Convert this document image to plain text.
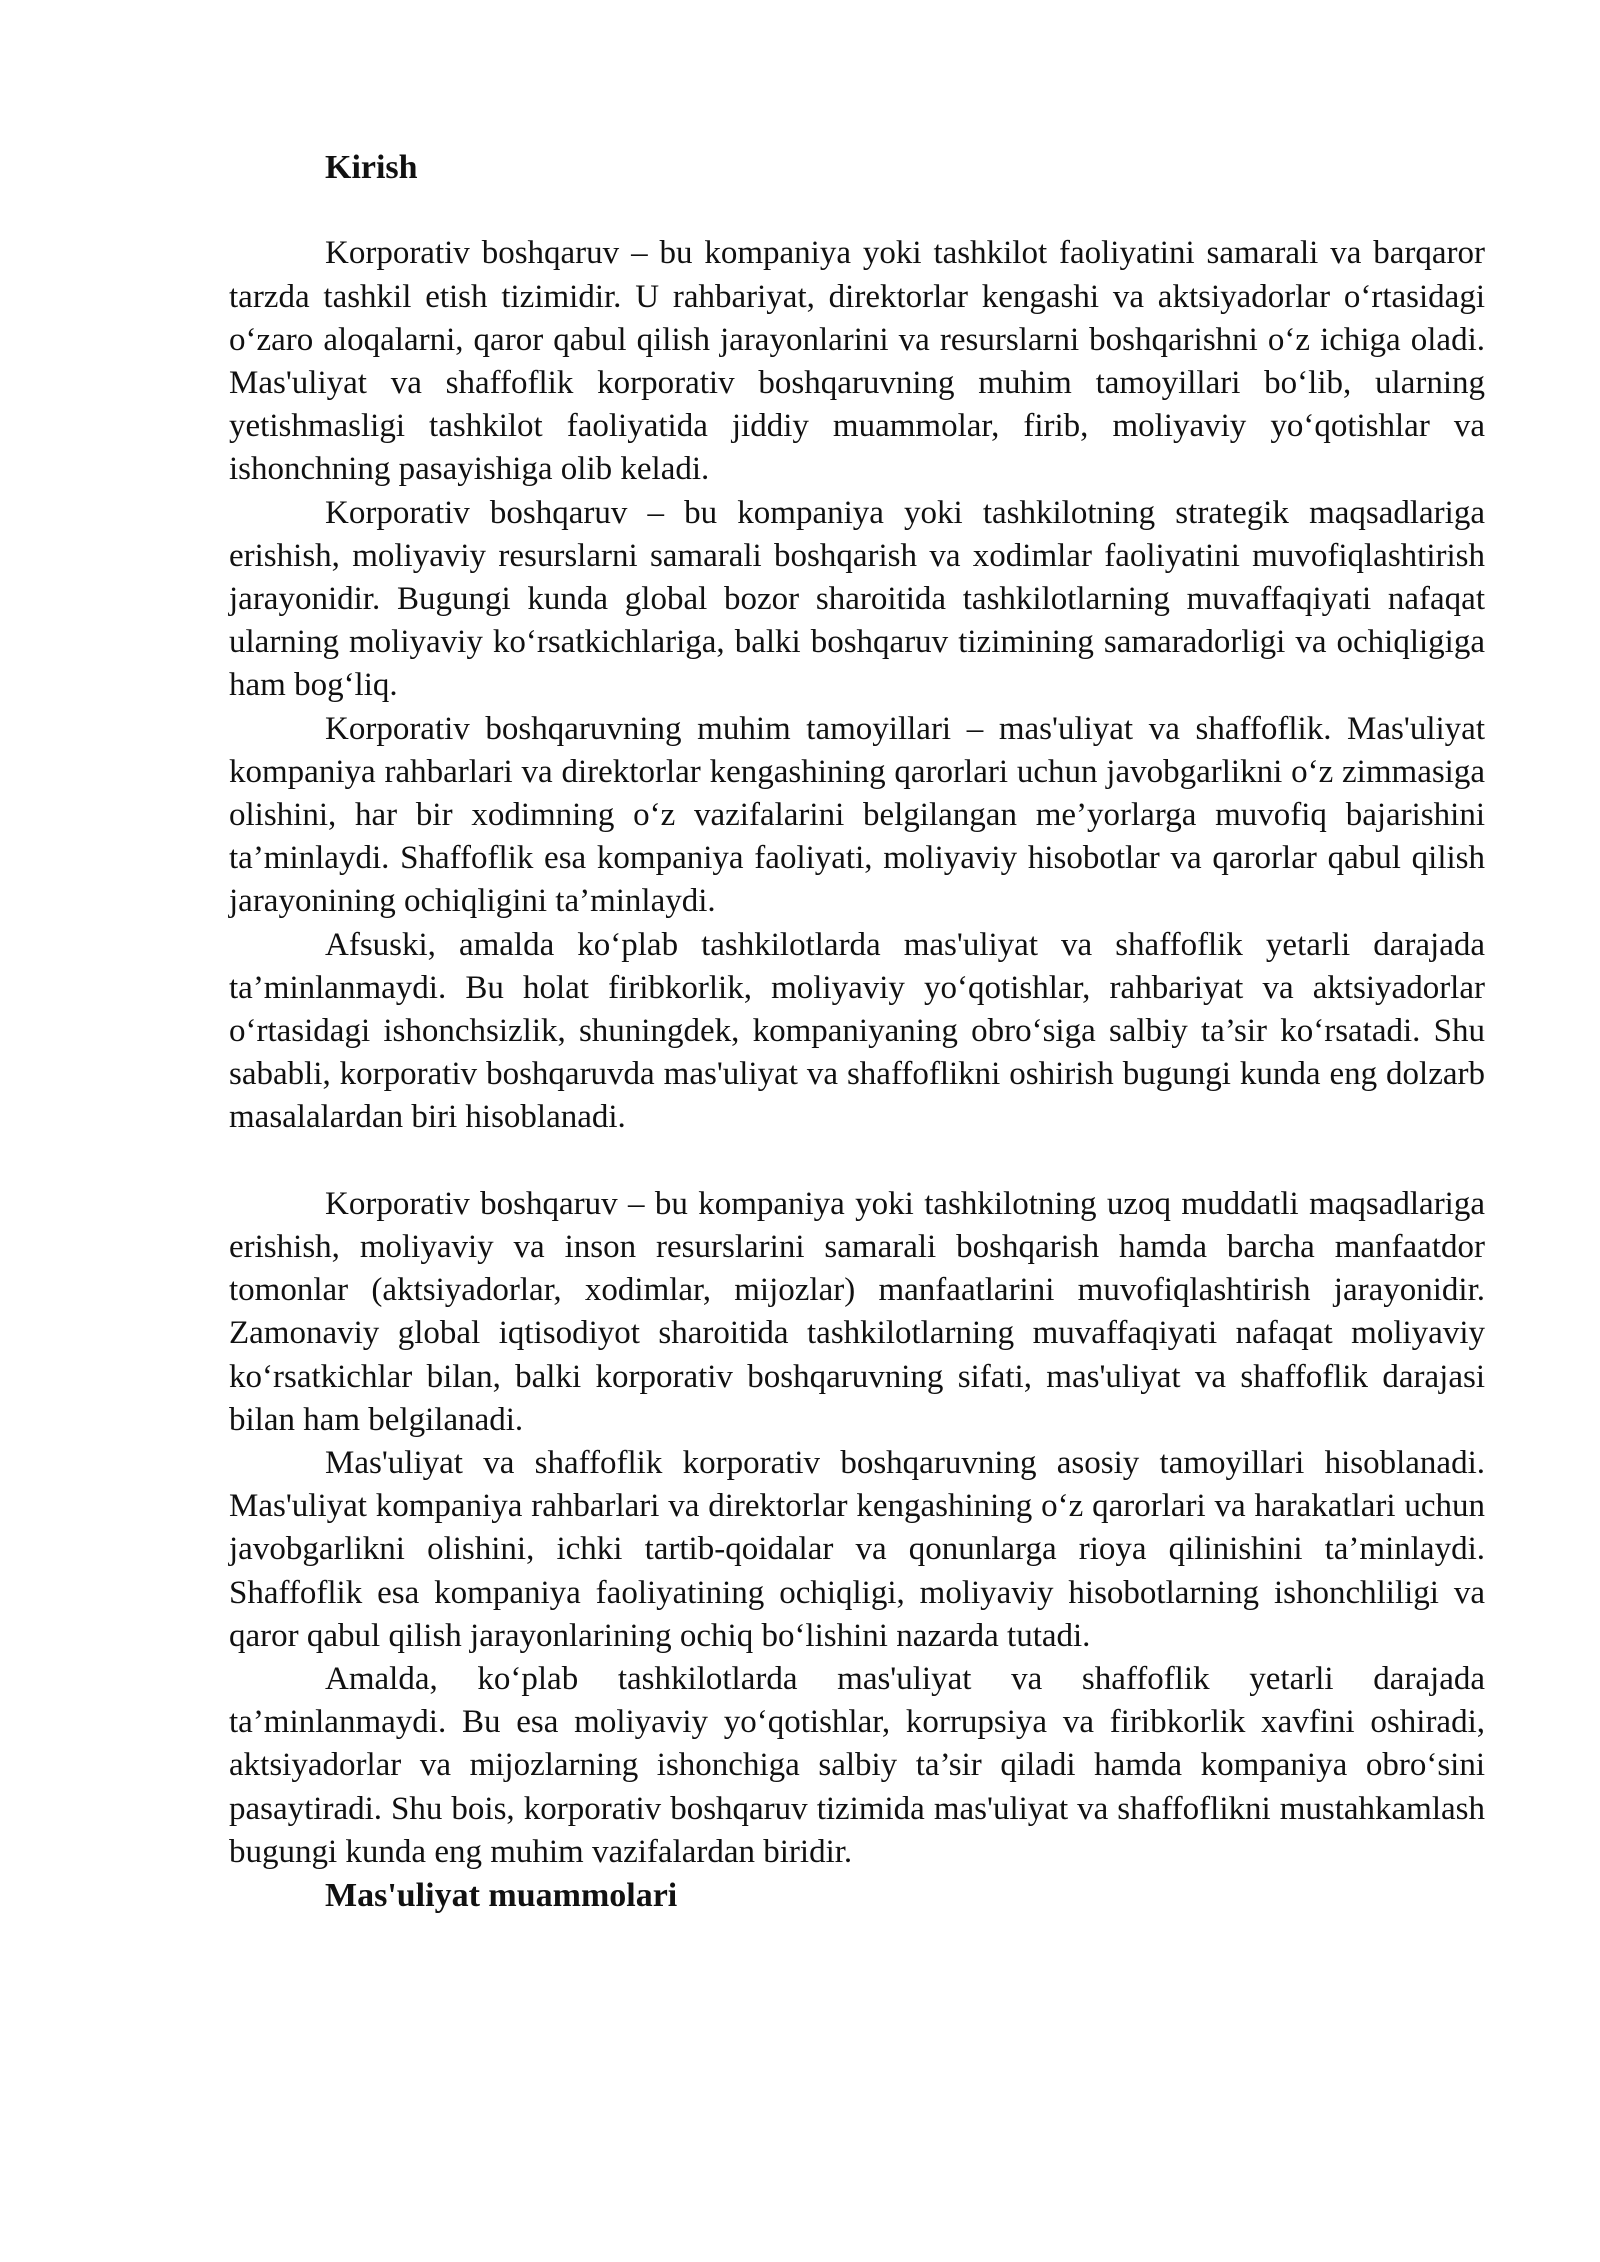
Kirish

Korporativ boshqaruv – bu kompaniya yoki tashkilot faoliyatini samarali va barqaror tarzda tashkil etish tizimidir. U rahbariyat, direktorlar kengashi va aktsiyadorlar o‘rtasidagi o‘zaro aloqalarni, qaror qabul qilish jarayonlarini va resurslarni boshqarishni o‘z ichiga oladi. Mas'uliyat va shaffoflik korporativ boshqaruvning muhim tamoyillari bo‘lib, ularning yetishmasligi tashkilot faoliyatida jiddiy muammolar, firib, moliyaviy yo‘qotishlar va ishonchning pasayishiga olib keladi.

Korporativ boshqaruv – bu kompaniya yoki tashkilotning strategik maqsadlariga erishish, moliyaviy resurslarni samarali boshqarish va xodimlar faoliyatini muvofiqlashtirish jarayonidir. Bugungi kunda global bozor sharoitida tashkilotlarning muvaffaqiyati nafaqat ularning moliyaviy ko‘rsatkichlariga, balki boshqaruv tizimining samaradorligi va ochiqligiga ham bog‘liq.

Korporativ boshqaruvning muhim tamoyillari – mas'uliyat va shaffoflik. Mas'uliyat kompaniya rahbarlari va direktorlar kengashining qarorlari uchun javobgarlikni o‘z zimmasiga olishini, har bir xodimning o‘z vazifalarini belgilangan me’yorlarga muvofiq bajarishini ta’minlaydi. Shaffoflik esa kompaniya faoliyati, moliyaviy hisobotlar va qarorlar qabul qilish jarayonining ochiqligini ta’minlaydi.

Afsuski, amalda ko‘plab tashkilotlarda mas'uliyat va shaffoflik yetarli darajada ta’minlanmaydi. Bu holat firibkorlik, moliyaviy yo‘qotishlar, rahbariyat va aktsiyadorlar o‘rtasidagi ishonchsizlik, shuningdek, kompaniyaning obro‘siga salbiy ta’sir ko‘rsatadi. Shu sababli, korporativ boshqaruvda mas'uliyat va shaffoflikni oshirish bugungi kunda eng dolzarb masalalardan biri hisoblanadi.

Korporativ boshqaruv – bu kompaniya yoki tashkilotning uzoq muddatli maqsadlariga erishish, moliyaviy va inson resurslarini samarali boshqarish hamda barcha manfaatdor tomonlar (aktsiyadorlar, xodimlar, mijozlar) manfaatlarini muvofiqlashtirish jarayonidir. Zamonaviy global iqtisodiyot sharoitida tashkilotlarning muvaffaqiyati nafaqat moliyaviy ko‘rsatkichlar bilan, balki korporativ boshqaruvning sifati, mas'uliyat va shaffoflik darajasi bilan ham belgilanadi.

Mas'uliyat va shaffoflik korporativ boshqaruvning asosiy tamoyillari hisoblanadi. Mas'uliyat kompaniya rahbarlari va direktorlar kengashining o‘z qarorlari va harakatlari uchun javobgarlikni olishini, ichki tartib-qoidalar va qonunlarga rioya qilinishini ta’minlaydi. Shaffoflik esa kompaniya faoliyatining ochiqligi, moliyaviy hisobotlarning ishonchliligi va qaror qabul qilish jarayonlarining ochiq bo‘lishini nazarda tutadi.

Amalda, ko‘plab tashkilotlarda mas'uliyat va shaffoflik yetarli darajada ta’minlanmaydi. Bu esa moliyaviy yo‘qotishlar, korrupsiya va firibkorlik xavfini oshiradi, aktsiyadorlar va mijozlarning ishonchiga salbiy ta’sir qiladi hamda kompaniya obro‘sini pasaytiradi. Shu bois, korporativ boshqaruv tizimida mas'uliyat va shaffoflikni mustahkamlash bugungi kunda eng muhim vazifalardan biridir.

Mas'uliyat muammolari
